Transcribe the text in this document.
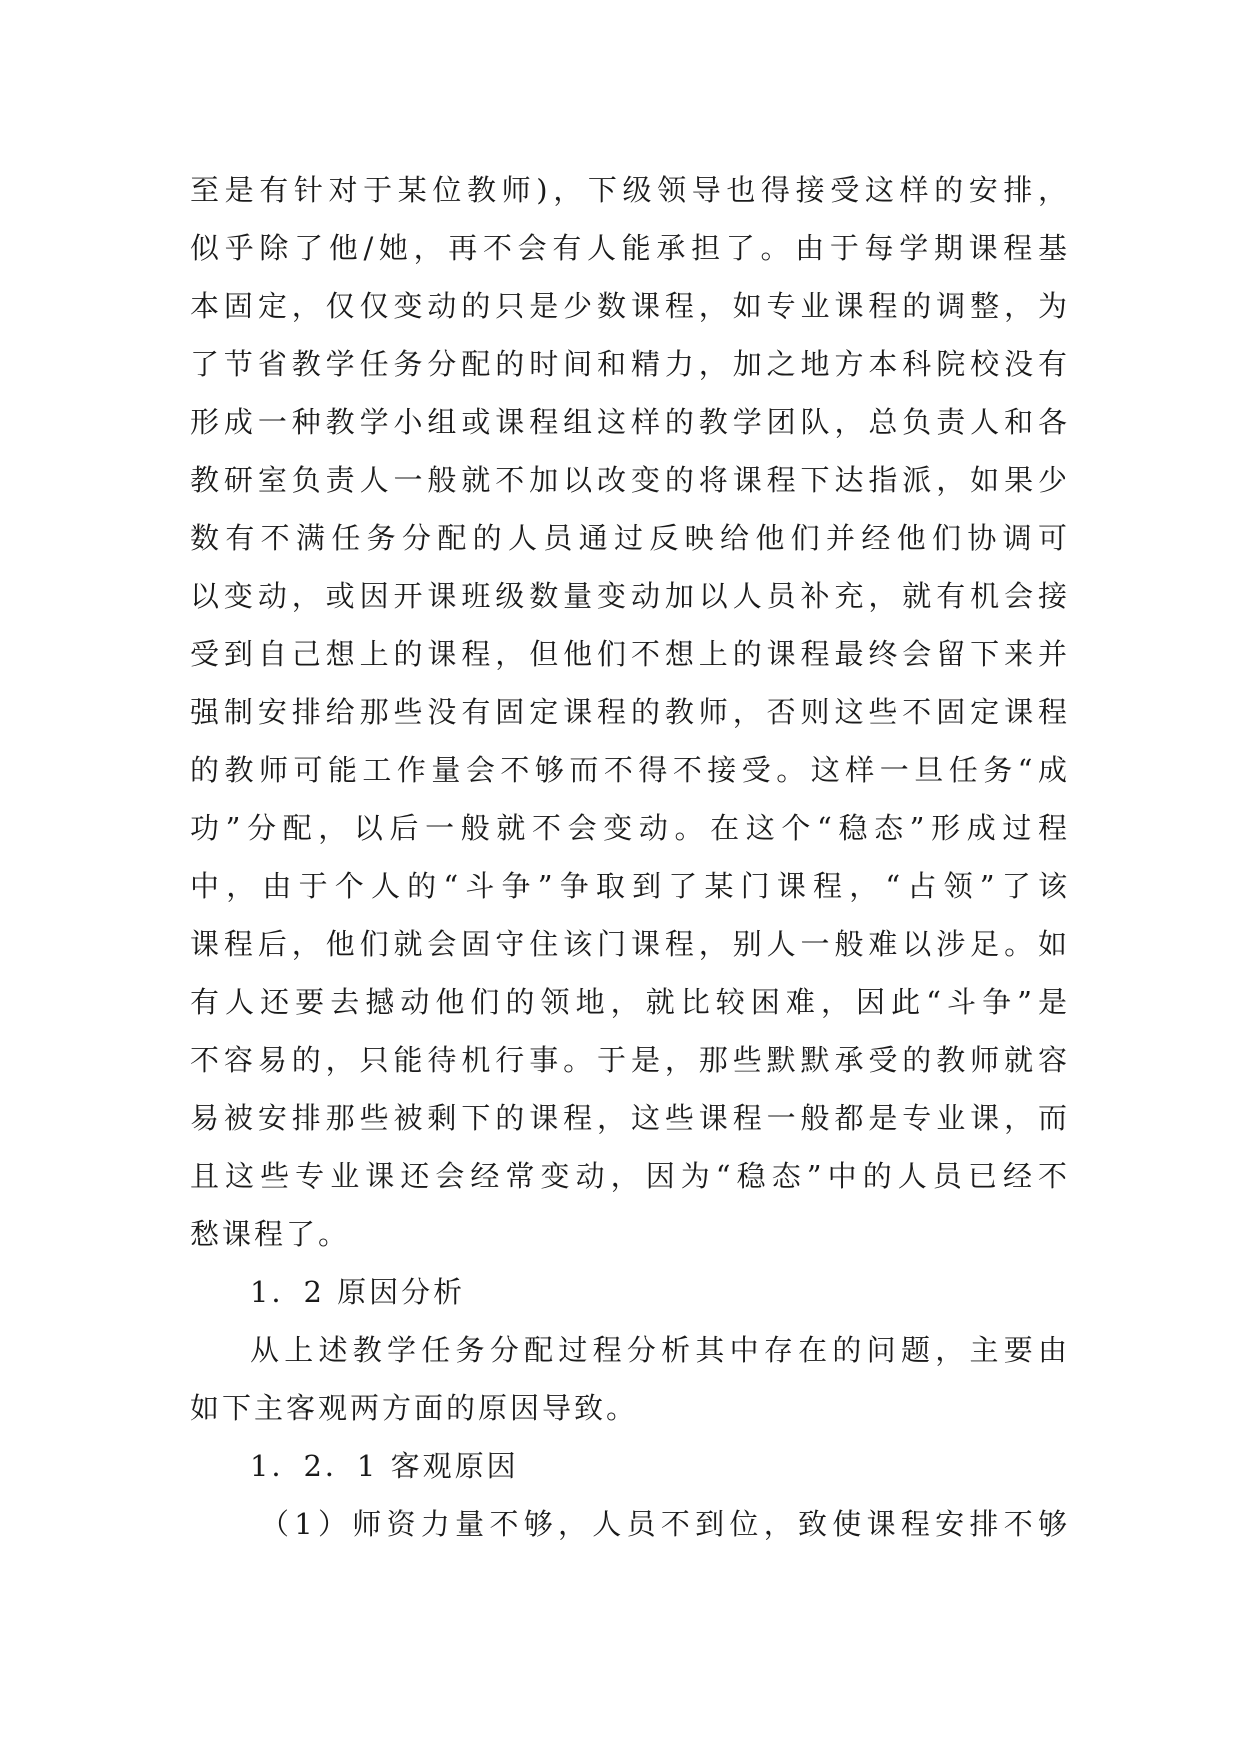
至是有针对于某位教师)，下级领导也得接受这样的安排，
似乎除了他/她，再不会有人能承担了。由于每学期课程基
本固定，仅仅变动的只是少数课程，如专业课程的调整，为
了节省教学任务分配的时间和精力，加之地方本科院校没有
形成一种教学小组或课程组这样的教学团队，总负责人和各
教研室负责人一般就不加以改变的将课程下达指派，如果少
数有不满任务分配的人员通过反映给他们并经他们协调可
以变动，或因开课班级数量变动加以人员补充，就有机会接
受到自己想上的课程，但他们不想上的课程最终会留下来并
强制安排给那些没有固定课程的教师，否则这些不固定课程
的教师可能工作量会不够而不得不接受。这样一旦任务“成
功”分配，以后一般就不会变动。在这个“稳态”形成过程
中，由于个人的“斗争”争取到了某门课程，“占领”了该
课程后，他们就会固守住该门课程，别人一般难以涉足。如
有人还要去撼动他们的领地，就比较困难，因此“斗争”是
不容易的，只能待机行事。于是，那些默默承受的教师就容
易被安排那些被剩下的课程，这些课程一般都是专业课，而
且这些专业课还会经常变动，因为“稳态”中的人员已经不
愁课程了。
1．2 原因分析
从上述教学任务分配过程分析其中存在的问题，主要由
如下主客观两方面的原因导致。
1．2．1 客观原因
（1）师资力量不够，人员不到位，致使课程安排不够
